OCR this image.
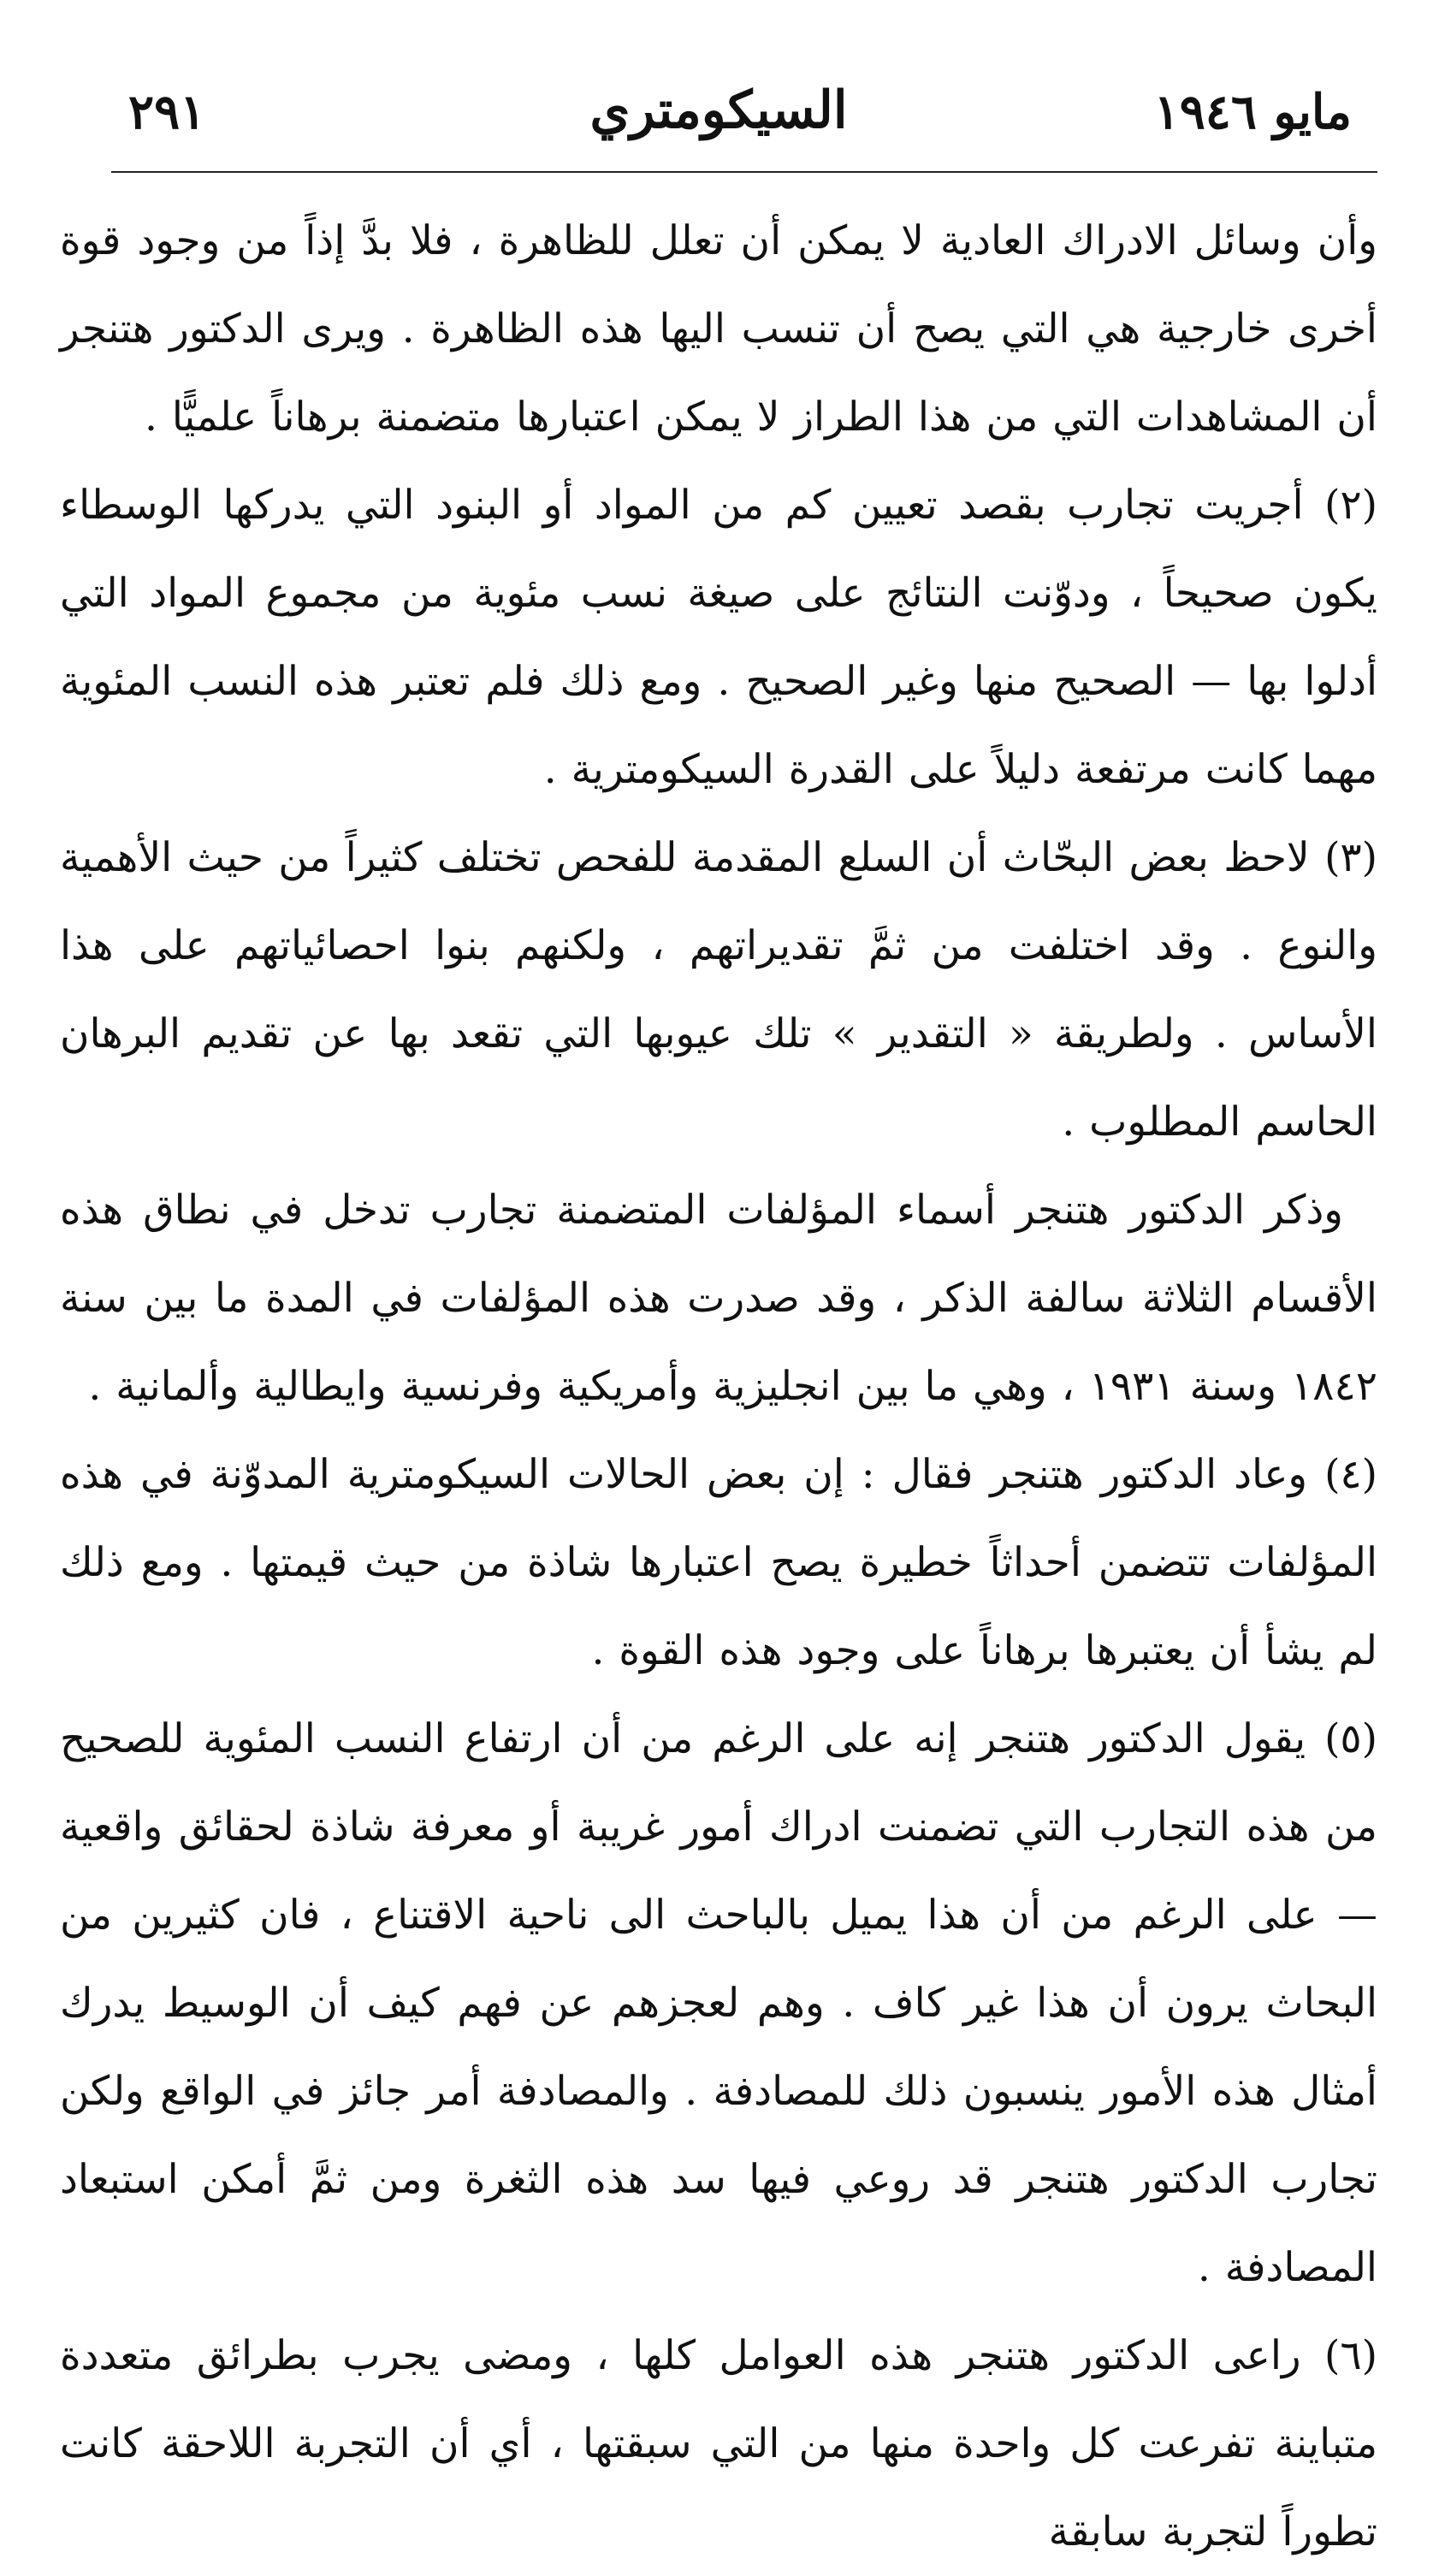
مايو ١٩٤٦
السيكومتري
٢٩١

وأن وسائل الادراك العادية لا يمكن أن تعلل للظاهرة ، فلا بدَّ إذاً من وجود قوة أخرى خارجية هي التي يصح أن تنسب اليها هذه الظاهرة . ويرى الدكتور هتنجر أن المشاهدات التي من هذا الطراز لا يمكن اعتبارها متضمنة برهاناً علميًّا .

(٢) أجريت تجارب بقصد تعيين كم من المواد أو البنود التي يدركها الوسطاء يكون صحيحاً ، ودوّنت النتائج على صيغة نسب مئوية من مجموع المواد التي أدلوا بها — الصحيح منها وغير الصحيح . ومع ذلك فلم تعتبر هذه النسب المئوية مهما كانت مرتفعة دليلاً على القدرة السيكومترية .

(٣) لاحظ بعض البحّاث أن السلع المقدمة للفحص تختلف كثيراً من حيث الأهمية والنوع . وقد اختلفت من ثمَّ تقديراتهم ، ولكنهم بنوا احصائياتهم على هذا الأساس . ولطريقة « التقدير » تلك عيوبها التي تقعد بها عن تقديم البرهان الحاسم المطلوب .

وذكر الدكتور هتنجر أسماء المؤلفات المتضمنة تجارب تدخل في نطاق هذه الأقسام الثلاثة سالفة الذكر ، وقد صدرت هذه المؤلفات في المدة ما بين سنة ١٨٤٢ وسنة ١٩٣١ ، وهي ما بين انجليزية وأمريكية وفرنسية وايطالية وألمانية .

(٤) وعاد الدكتور هتنجر فقال : إن بعض الحالات السيكومترية المدوّنة في هذه المؤلفات تتضمن أحداثاً خطيرة يصح اعتبارها شاذة من حيث قيمتها . ومع ذلك لم يشأ أن يعتبرها برهاناً على وجود هذه القوة .

(٥) يقول الدكتور هتنجر إنه على الرغم من أن ارتفاع النسب المئوية للصحيح من هذه التجارب التي تضمنت ادراك أمور غريبة أو معرفة شاذة لحقائق واقعية — على الرغم من أن هذا يميل بالباحث الى ناحية الاقتناع ، فان كثيرين من البحاث يرون أن هذا غير كاف . وهم لعجزهم عن فهم كيف أن الوسيط يدرك أمثال هذه الأمور ينسبون ذلك للمصادفة . والمصادفة أمر جائز في الواقع ولكن تجارب الدكتور هتنجر قد روعي فيها سد هذه الثغرة ومن ثمَّ أمكن استبعاد المصادفة .

(٦) راعى الدكتور هتنجر هذه العوامل كلها ، ومضى يجرب بطرائق متعددة متباينة تفرعت كل واحدة منها من التي سبقتها ، أي أن التجربة اللاحقة كانت تطوراً لتجربة سابقة
